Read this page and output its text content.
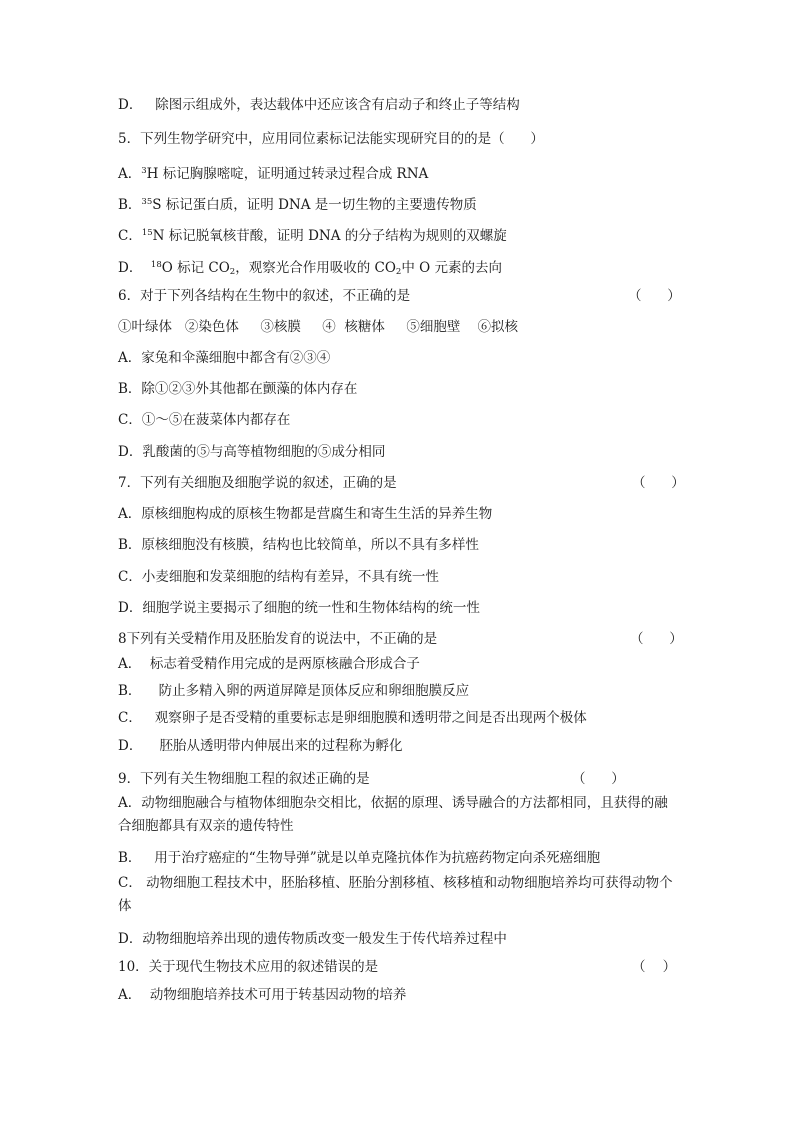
D．   除图示组成外，表达载体中还应该含有启动子和终止子等结构
5．下列生物学研究中，应用同位素标记法能实现研究目的的是（      ）
A．$^3$H 标记胸腺嘧啶，证明通过转录过程合成 RNA
B．$^{35}$S 标记蛋白质，证明 DNA 是一切生物的主要遗传物质
C．$^{15}$N 标记脱氧核苷酸，证明 DNA 的分子结构为规则的双螺旋
D．  $^{18}$O 标记 $CO_2$，观察光合作用吸收的 $CO_2$中 O 元素的去向
6．对于下列各结构在生物中的叙述，不正确的是	（      ）
①叶绿体   ②染色体     ③核膜     ④  核糖体     ⑤细胞壁    ⑥拟核
A．家兔和伞藻细胞中都含有②③④
B．除①②③外其他都在颤藻的体内存在
C．①～⑤在菠菜体内都存在
D．乳酸菌的⑤与高等植物细胞的⑤成分相同
7．下列有关细胞及细胞学说的叙述，正确的是	（      ）
A．原核细胞构成的原核生物都是营腐生和寄生生活的异养生物
B．原核细胞没有核膜，结构也比较简单，所以不具有多样性
C．小麦细胞和发菜细胞的结构有差异，不具有统一性
D．细胞学说主要揭示了细胞的统一性和生物体结构的统一性
8下列有关受精作用及胚胎发育的说法中，不正确的是	（      ）
A．  标志着受精作用完成的是两原核融合形成合子
B．    防止多精入卵的两道屏障是顶体反应和卵细胞膜反应
C．   观察卵子是否受精的重要标志是卵细胞膜和透明带之间是否出现两个极体
D．    胚胎从透明带内伸展出来的过程称为孵化
9．下列有关生物细胞工程的叙述正确的是	（      ）
A．动物细胞融合与植物体细胞杂交相比，依据的原理、诱导融合的方法都相同，且获得的融合细胞都具有双亲的遗传特性
B．   用于治疗癌症的“生物导弹”就是以单克隆抗体作为抗癌药物定向杀死癌细胞
C． 动物细胞工程技术中，胚胎移植、胚胎分割移植、核移植和动物细胞培养均可获得动物个体
D．动物细胞培养出现的遗传物质改变一般发生于传代培养过程中
10．关于现代生物技术应用的叙述错误的是	（    ）
A．  动物细胞培养技术可用于转基因动物的培养
